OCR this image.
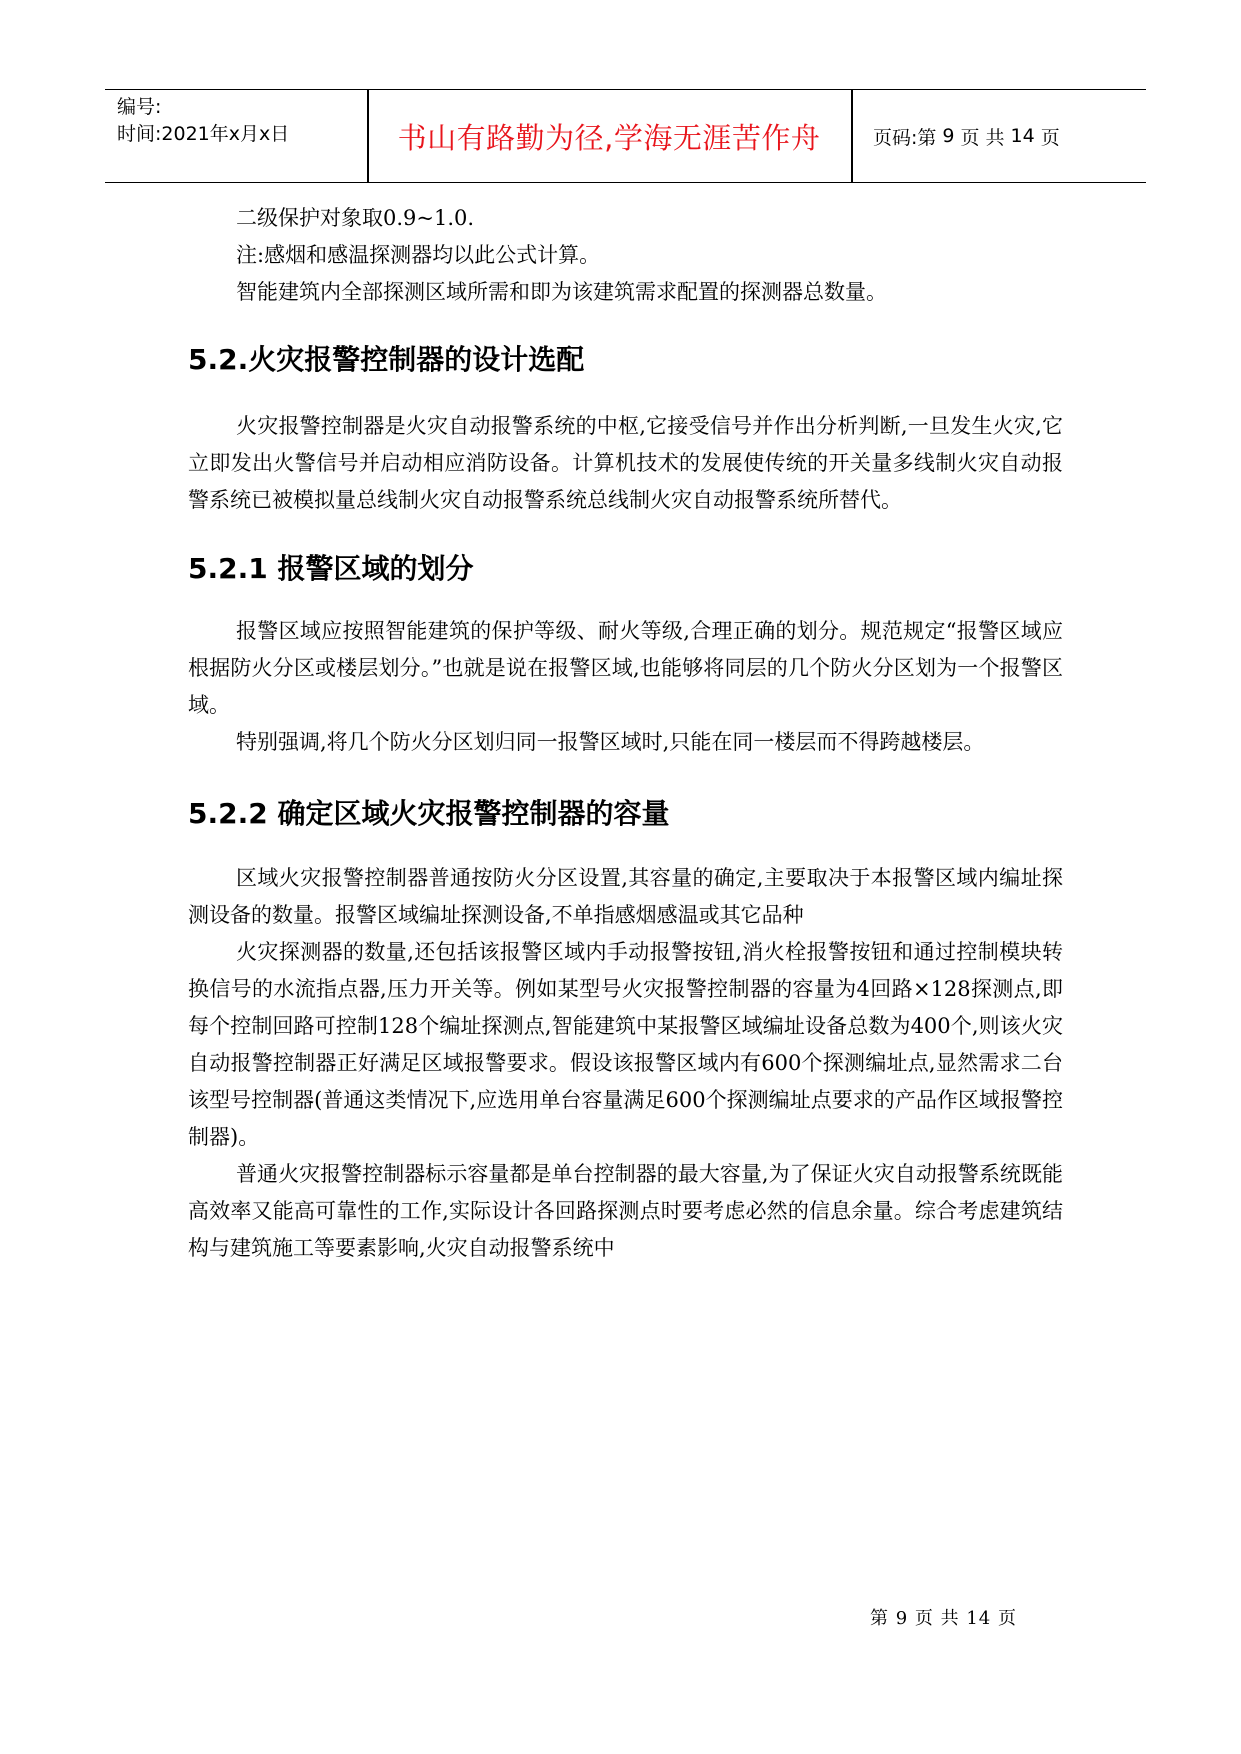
编号:
时间:2021年x月x日	书山有路勤为径,学海无涯苦作舟	页码:第 9 页 共 14 页

二级保护对象取0.9~1.0.

注:感烟和感温探测器均以此公式计算。

智能建筑内全部探测区域所需和即为该建筑需求配置的探测器总数量。

5.2.火灾报警控制器的设计选配

火灾报警控制器是火灾自动报警系统的中枢,它接受信号并作出分析判断,一旦发生火灾,它立即发出火警信号并启动相应消防设备。计算机技术的发展使传统的开关量多线制火灾自动报警系统已被模拟量总线制火灾自动报警系统总线制火灾自动报警系统所替代。

5.2.1 报警区域的划分

报警区域应按照智能建筑的保护等级、耐火等级,合理正确的划分。规范规定“报警区域应根据防火分区或楼层划分。”也就是说在报警区域,也能够将同层的几个防火分区划为一个报警区域。

特别强调,将几个防火分区划归同一报警区域时,只能在同一楼层而不得跨越楼层。

5.2.2 确定区域火灾报警控制器的容量

区域火灾报警控制器普通按防火分区设置,其容量的确定,主要取决于本报警区域内编址探测设备的数量。报警区域编址探测设备,不单指感烟感温或其它品种

火灾探测器的数量,还包括该报警区域内手动报警按钮,消火栓报警按钮和通过控制模块转换信号的水流指点器,压力开关等。例如某型号火灾报警控制器的容量为4回路×128探测点,即每个控制回路可控制128个编址探测点,智能建筑中某报警区域编址设备总数为400个,则该火灾自动报警控制器正好满足区域报警要求。假设该报警区域内有600个探测编址点,显然需求二台该型号控制器(普通这类情况下,应选用单台容量满足600个探测编址点要求的产品作区域报警控制器)。

普通火灾报警控制器标示容量都是单台控制器的最大容量,为了保证火灾自动报警系统既能高效率又能高可靠性的工作,实际设计各回路探测点时要考虑必然的信息余量。综合考虑建筑结构与建筑施工等要素影响,火灾自动报警系统中

第 9 页 共 14 页
